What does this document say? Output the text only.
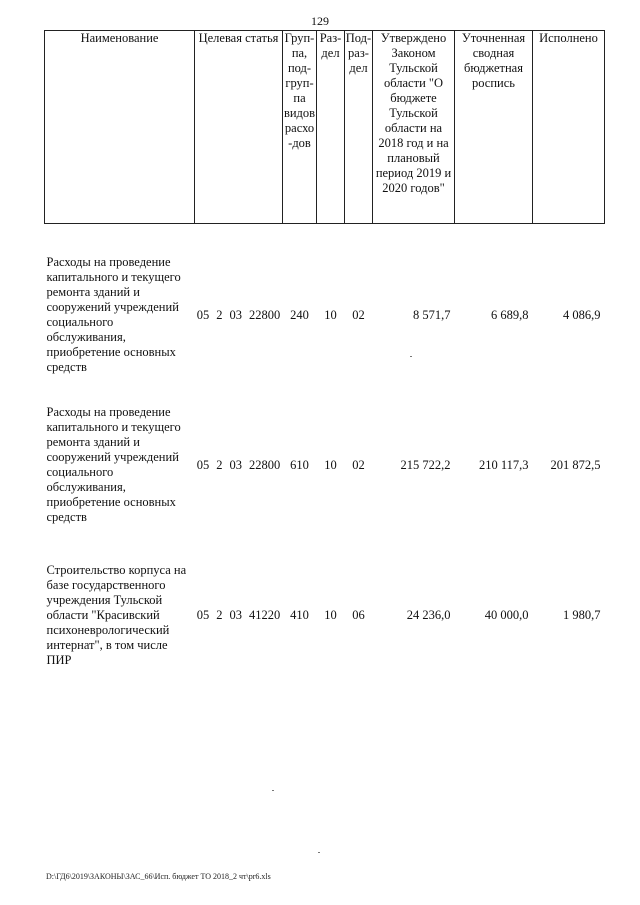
129
Наименование	Целевая статья	Груп-па, под-груп-па видов расхо-дов	Раз-дел	Под-раз-дел	Утверждено Законом Тульской области "О бюджете Тульской области на 2018 год и на плановый период 2019 и 2020 годов"	Уточненная сводная бюджетная роспись	Исполнено

Расходы на проведение капитального и текущего ремонта зданий и сооружений учреждений социального обслуживания, приобретение основных средств	05 2 03 22800	240	10	02	8 571,7	6 689,8	4 086,9
Расходы на проведение капитального и текущего ремонта зданий и сооружений учреждений социального обслуживания, приобретение основных средств	05 2 03 22800	610	10	02	215 722,2	210 117,3	201 872,5
Строительство корпуса на базе государственного учреждения Тульской области "Красивский психоневрологический интернат", в том числе ПИР	05 2 03 41220	410	10	06	24 236,0	40 000,0	1 980,7
D:\ГД6\2019\ЗАКОНЫ\ЗАС_66\Исп. бюджет ТО 2018_2 чт\pr6.xls
